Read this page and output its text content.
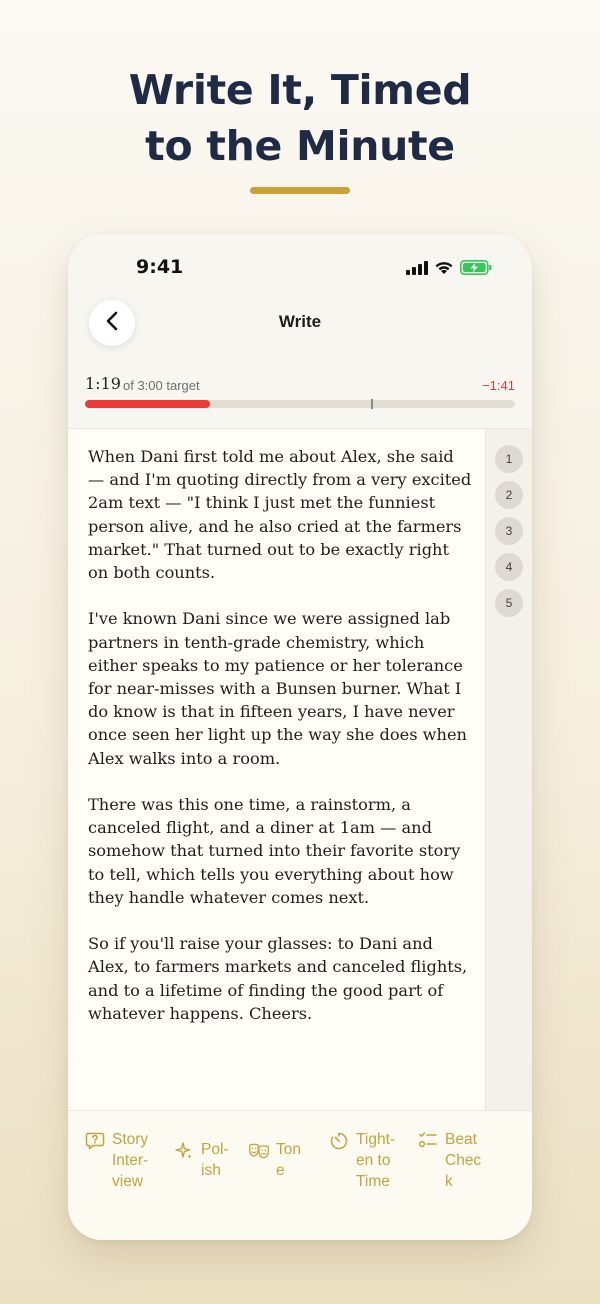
Write It, Timed
to the Minute
9:41
Write
1:19 of 3:00 target	−1:41

When Dani first told me about Alex, she said — and I'm quoting directly from a very excited 2am text — "I think I just met the funniest person alive, and he also cried at the farmers market." That turned out to be exactly right on both counts.

I've known Dani since we were assigned lab partners in tenth-grade chemistry, which either speaks to my patience or her tolerance for near-misses with a Bunsen burner. What I do know is that in fifteen years, I have never once seen her light up the way she does when Alex walks into a room.

There was this one time, a rainstorm, a canceled flight, and a diner at 1am — and somehow that turned into their favorite story to tell, which tells you everything about how they handle whatever comes next.

So if you'll raise your glasses: to Dani and Alex, to farmers markets and canceled flights, and to a lifetime of finding the good part of whatever happens. Cheers.

1
2
3
4
5
Story
Inter-
view
Pol-
ish
Ton
e
Tight-
en to
Time
Beat
Chec
k
